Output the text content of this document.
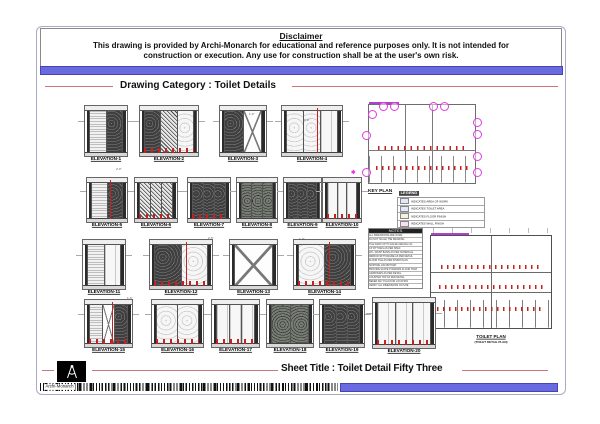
Disclaimer
This drawing is provided by Archi-Monarch for educational and reference purposes only. It is not intended for
construction or execution. Any use for construction shall be at the user's own risk.
Drawing Category : Toilet Details
KEY PLAN	LEGEND
INDICATES AREA OF WORK
INDICATES TOILET AREA
INDICATES FLOOR FINISH
INDICATES WALL FINISH
NOTES
ALL DIMENSIONS ARE IN MM
DO NOT SCALE THE DRAWING
TILE DADO UP TO FALSE CEILING LVL
CP FITTINGS AS PER SPEC
WC / WASH BASIN AS PER SCHEDULE
MIRROR WITH FRAME AS PER DETAIL
FLOOR TILE AS PER FINISH PLAN
SKIRTING 100 MM HIGH
PROVIDE SLOPE TOWARDS FLOOR TRAP
GRAB BARS AS PER DETAIL
COUNTER TOP AS PER DETAIL
REFER KEY PLAN FOR LOCATION
VERIFY ALL DIMENSIONS ON SITE
TOILET PLAN
(TOILET DETAIL PLAN)
✱
ELEVATION-1	ELEVATION-2	ELEVATION-3	ELEVATION-4
ELEVATION-5	ELEVATION-6	ELEVATION-7	ELEVATION-8	ELEVATION-9	ELEVATION-10
ELEVATION-11	ELEVATION-12	ELEVATION-13	ELEVATION-14
ELEVATION-15	ELEVATION-16	ELEVATION-17	ELEVATION-18	ELEVATION-19	ELEVATION-20
2'-0"
1'-6"
0'-9"
2'-6"	1'-0"
1'-6"
Sheet Title : Toilet Detail Fifty Three
Archi-Monarch
